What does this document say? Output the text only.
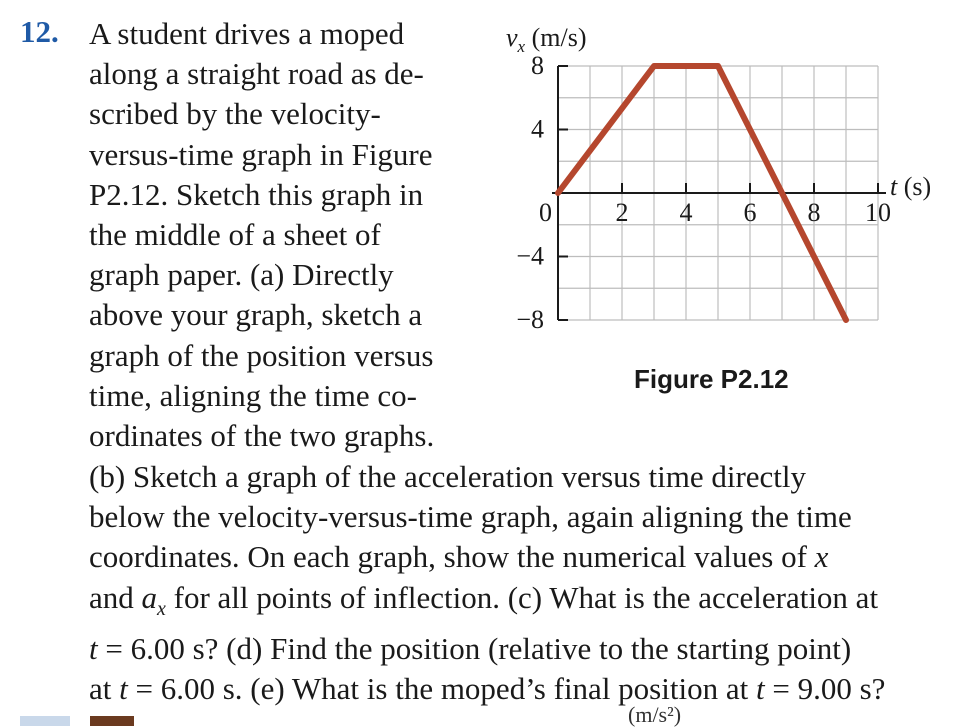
12. A student drives a moped
along a straight road as de-
scribed by the velocity-
versus-time graph in Figure
P2.12. Sketch this graph in
the middle of a sheet of
graph paper. (a) Directly
above your graph, sketch a
graph of the position versus
time, aligning the time co-
ordinates of the two graphs.
8
4
0
−4
−8
2 4 6 8 10
$v_x$ (m/s)
t (s)
Figure P2.12
(b) Sketch a graph of the acceleration versus time directly
below the velocity-versus-time graph, again aligning the time
coordinates. On each graph, show the numerical values of x
and $a_x$ for all points of inflection. (c) What is the acceleration at
t = 6.00 s? (d) Find the position (relative to the starting point)
at t = 6.00 s. (e) What is the moped’s final position at t = 9.00 s?
(m/s²)
